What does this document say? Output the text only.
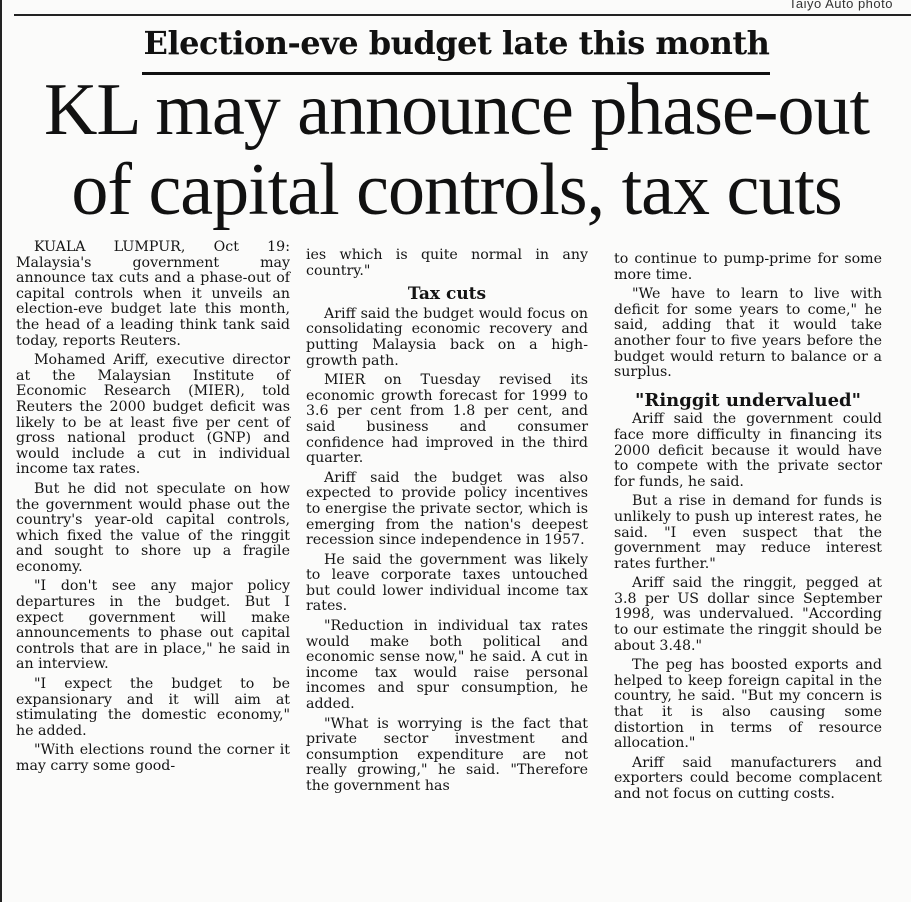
Taiyo Auto photo
Election-eve budget late this month
KL may announce phase-out
of capital controls, tax cuts

KUALA LUMPUR, Oct 19: Malaysia's government may announce tax cuts and a phase-out of capital controls when it unveils an election-eve budget late this month, the head of a leading think tank said today, reports Reuters.

Mohamed Ariff, executive director at the Malaysian Institute of Economic Research (MIER), told Reuters the 2000 budget deficit was likely to be at least five per cent of gross national product (GNP) and would include a cut in individual income tax rates.

But he did not speculate on how the government would phase out the country's year-old capital controls, which fixed the value of the ringgit and sought to shore up a fragile economy.

"I don't see any major policy departures in the budget. But I expect government will make announcements to phase out capital controls that are in place," he said in an interview.

"I expect the budget to be expansionary and it will aim at stimulating the domestic economy," he added.

"With elections round the corner it may carry some good-

ies which is quite normal in any country."

Tax cuts

Ariff said the budget would focus on consolidating economic recovery and putting Malaysia back on a high-growth path.

MIER on Tuesday revised its economic growth forecast for 1999 to 3.6 per cent from 1.8 per cent, and said business and consumer confidence had improved in the third quarter.

Ariff said the budget was also expected to provide policy incentives to energise the private sector, which is emerging from the nation's deepest recession since independence in 1957.

He said the government was likely to leave corporate taxes untouched but could lower individual income tax rates.

"Reduction in individual tax rates would make both political and economic sense now," he said. A cut in income tax would raise personal incomes and spur consumption, he added.

"What is worrying is the fact that private sector investment and consumption expenditure are not really growing," he said. "Therefore the government has

to continue to pump-prime for some more time.

"We have to learn to live with deficit for some years to come," he said, adding that it would take another four to five years before the budget would return to balance or a surplus.

"Ringgit undervalued"

Ariff said the government could face more difficulty in financing its 2000 deficit because it would have to compete with the private sector for funds, he said.

But a rise in demand for funds is unlikely to push up interest rates, he said. "I even suspect that the government may reduce interest rates further."

Ariff said the ringgit, pegged at 3.8 per US dollar since September 1998, was undervalued. "According to our estimate the ringgit should be about 3.48."

The peg has boosted exports and helped to keep foreign capital in the country, he said. "But my concern is that it is also causing some distortion in terms of resource allocation."

Ariff said manufacturers and exporters could become complacent and not focus on cutting costs.
